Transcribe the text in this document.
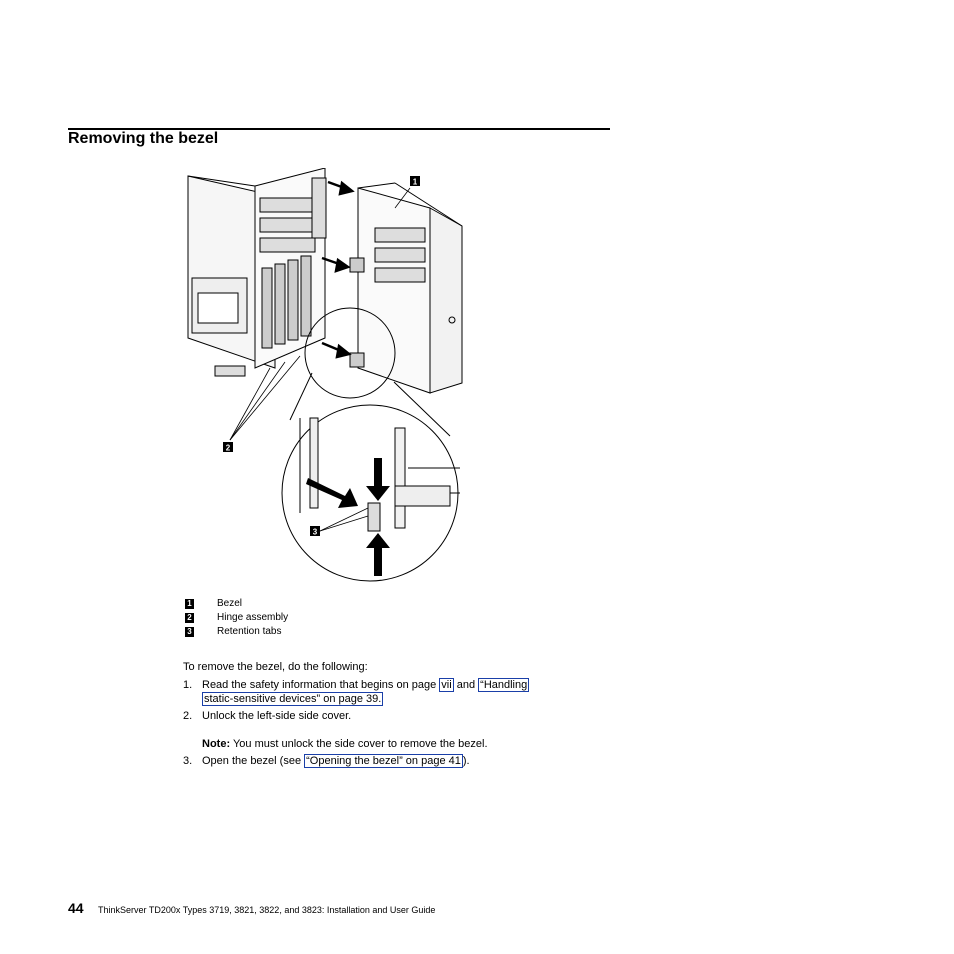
Removing the bezel
1
2
3
1	Bezel
2	Hinge assembly
3	Retention tabs
To remove the bezel, do the following:
1. Read the safety information that begins on page vii and “Handling
static-sensitive devices” on page 39.
2. Unlock the left-side side cover.
Note: You must unlock the side cover to remove the bezel.
3. Open the bezel (see “Opening the bezel” on page 41 ).
44 ThinkServer TD200x Types 3719, 3821, 3822, and 3823: Installation and User Guide
